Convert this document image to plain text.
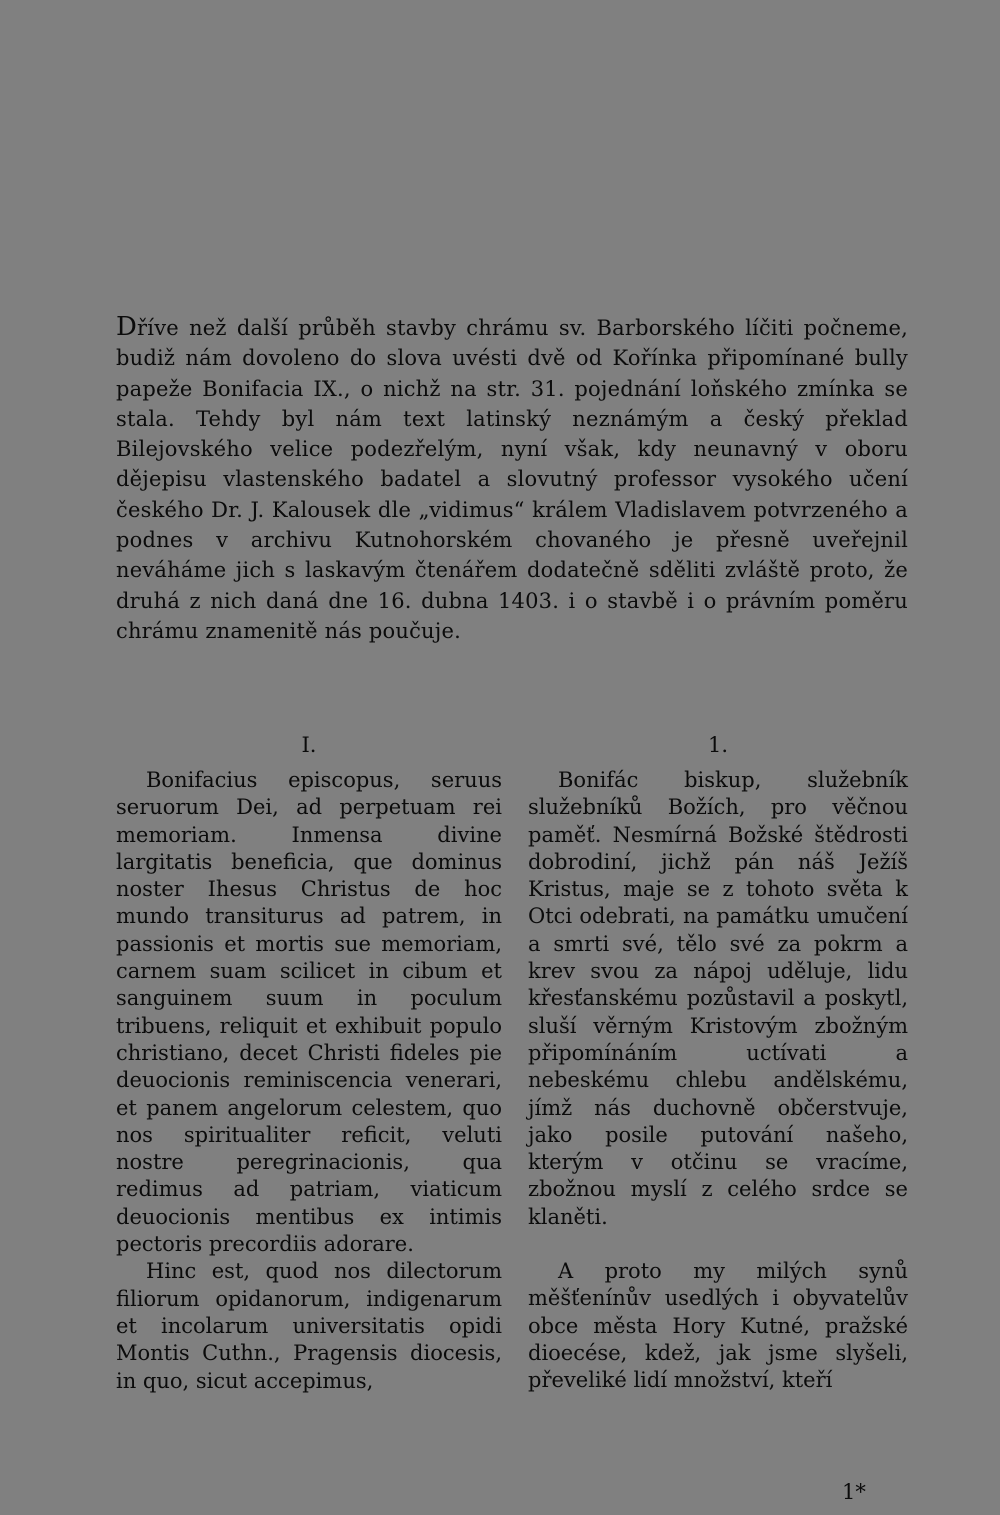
Dříve než další průběh stavby chrámu sv. Barborského líčiti počneme, budiž nám dovoleno do slova uvésti dvě od Kořínka připomínané bully papeže Bonifacia IX., o nichž na str. 31. pojednání loňského zmínka se stala. Tehdy byl nám text latinský neznámým a český překlad Bilejovského velice podezřelým, nyní však, kdy neunavný v oboru dějepisu vlastenského badatel a slovutný professor vysokého učení českého Dr. J. Kalousek dle „vidimus“ králem Vladislavem potvrzeného a podnes v archivu Kutnohorském chovaného je přesně uveřejnil neváháme jich s laskavým čtenářem dodatečně sděliti zvláště proto, že druhá z nich daná dne 16. dubna 1403. i o stavbě i o právním poměru chrámu znamenitě nás poučuje.

I.

Bonifacius episcopus, seruus seruorum Dei, ad perpetuam rei memoriam. Inmensa divine largitatis beneficia, que dominus noster Ihesus Christus de hoc mundo transiturus ad patrem, in passionis et mortis sue memoriam, carnem suam scilicet in cibum et sanguinem suum in poculum tribuens, reliquit et exhibuit populo christiano, decet Christi fideles pie deuocionis reminiscencia venerari, et panem angelorum celestem, quo nos spiritualiter reficit, veluti nostre peregrinacionis, qua redimus ad patriam, viaticum deuocionis mentibus ex intimis pectoris precordiis adorare.

Hinc est, quod nos dilectorum filiorum opidanorum, indigenarum et incolarum universitatis opidi Montis Cuthn., Pragensis diocesis, in quo, sicut accepimus,

1.

Bonifác biskup, služebník služebníků Božích, pro věčnou paměť. Nesmírná Božské štědrosti dobrodiní, jichž pán náš Ježíš Kristus, maje se z tohoto světa k Otci odebrati, na památku umučení a smrti své, tělo své za pokrm a krev svou za nápoj uděluje, lidu křesťanskému pozůstavil a poskytl, sluší věrným Kristovým zbožným připomínáním uctívati a nebeskému chlebu andělskému, jímž nás duchovně občerstvuje, jako posile putování našeho, kterým v otčinu se vracíme, zbožnou myslí z celého srdce se klaněti.

A proto my milých synů měšťenínův usedlých i obyvatelův obce města Hory Kutné, pražské dioecése, kdež, jak jsme slyšeli, převeliké lidí množství, kteří

1*
